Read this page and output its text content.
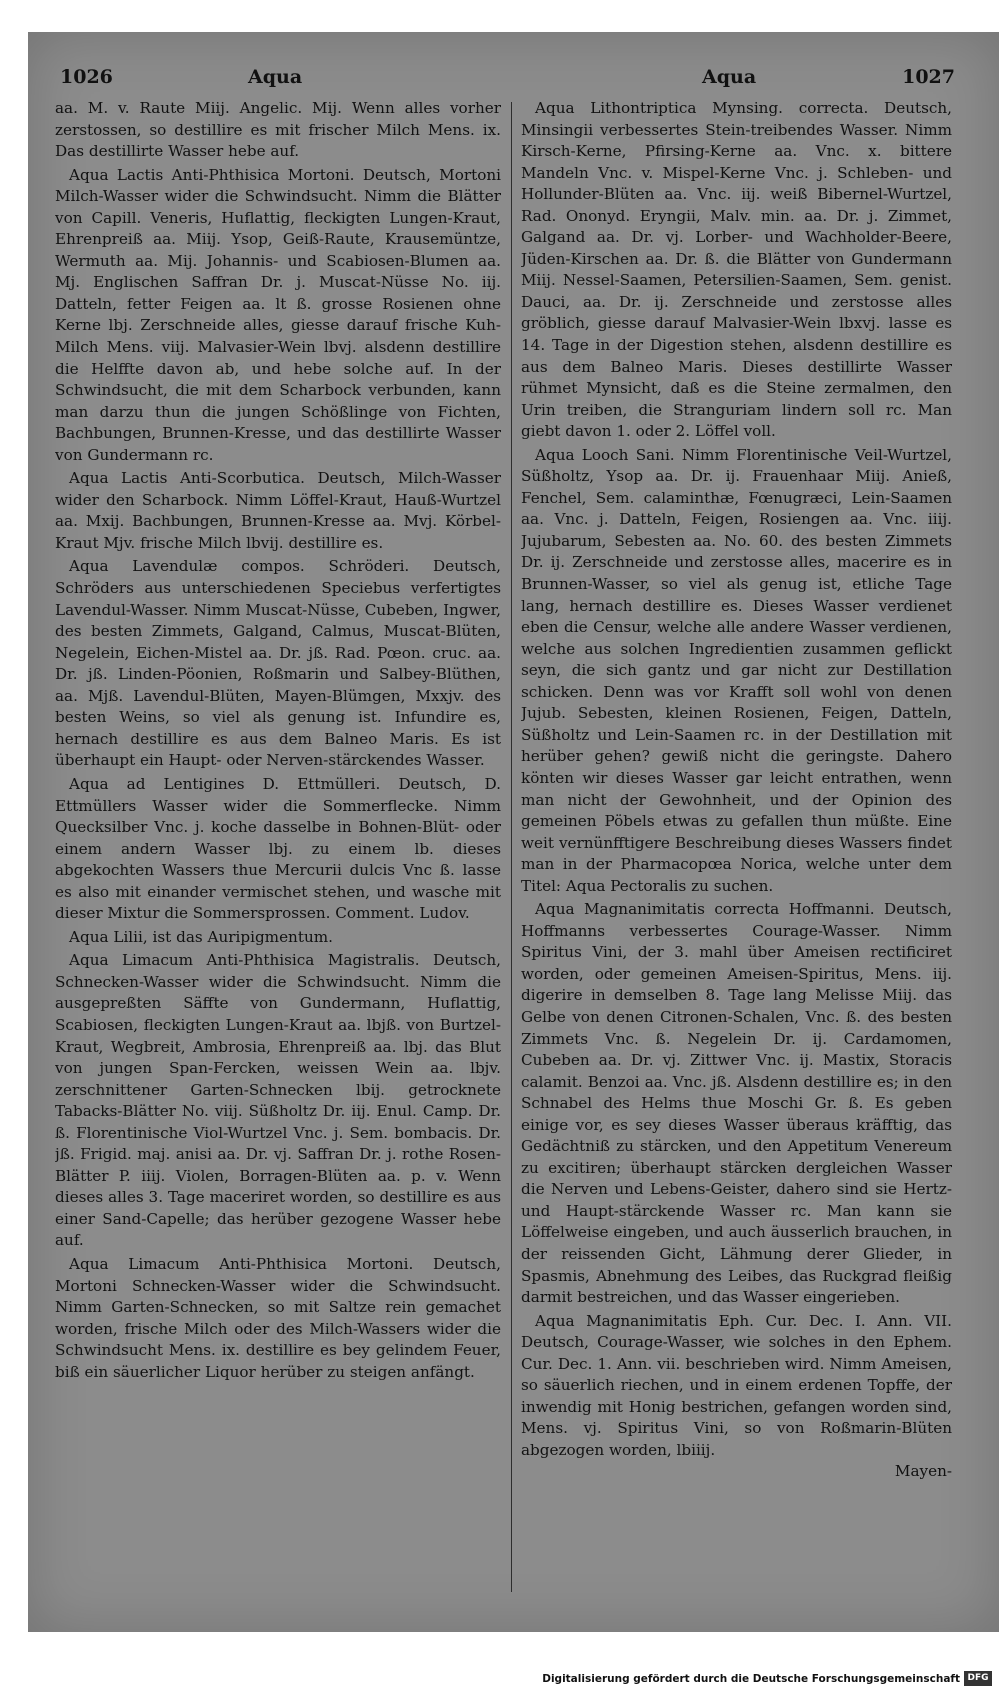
1026	Aqua	Aqua	1027

aa. M. v. Raute Miij. Angelic. Mij. Wenn alles vorher zerstossen, so destillire es mit frischer Milch Mens. ix. Das destillirte Wasser hebe auf.

Aqua Lactis Anti-Phthisica Mortoni. Deutsch, Mortoni Milch-Wasser wider die Schwindsucht. Nimm die Blätter von Capill. Veneris, Huflattig, fleckigten Lungen-Kraut, Ehrenpreiß aa. Miij. Ysop, Geiß-Raute, Krausemüntze, Wermuth aa. Mij. Johannis- und Scabiosen-Blumen aa. Mj. Englischen Saffran Dr. j. Muscat-Nüsse No. iij. Datteln, fetter Feigen aa. lt ß. grosse Rosienen ohne Kerne lbj. Zerschneide alles, giesse darauf frische Kuh-Milch Mens. viij. Malvasier-Wein lbvj. alsdenn destillire die Helffte davon ab, und hebe solche auf. In der Schwindsucht, die mit dem Scharbock verbunden, kann man darzu thun die jungen Schößlinge von Fichten, Bachbungen, Brunnen-Kresse, und das destillirte Wasser von Gundermann rc.

Aqua Lactis Anti-Scorbutica. Deutsch, Milch-Wasser wider den Scharbock. Nimm Löffel-Kraut, Hauß-Wurtzel aa. Mxij. Bachbungen, Brunnen-Kresse aa. Mvj. Körbel-Kraut Mjv. frische Milch lbvij. destillire es.

Aqua Lavendulæ compos. Schröderi. Deutsch, Schröders aus unterschiedenen Speciebus verfertigtes Lavendul-Wasser. Nimm Muscat-Nüsse, Cubeben, Ingwer, des besten Zimmets, Galgand, Calmus, Muscat-Blüten, Negelein, Eichen-Mistel aa. Dr. jß. Rad. Pœon. cruc. aa. Dr. jß. Linden-Pöonien, Roßmarin und Salbey-Blüthen, aa. Mjß. Lavendul-Blüten, Mayen-Blümgen, Mxxjv. des besten Weins, so viel als genung ist. Infundire es, hernach destillire es aus dem Balneo Maris. Es ist überhaupt ein Haupt- oder Nerven-stärckendes Wasser.

Aqua ad Lentigines D. Ettmülleri. Deutsch, D. Ettmüllers Wasser wider die Sommerflecke. Nimm Quecksilber Vnc. j. koche dasselbe in Bohnen-Blüt- oder einem andern Wasser lbj. zu einem lb. dieses abgekochten Wassers thue Mercurii dulcis Vnc ß. lasse es also mit einander vermischet stehen, und wasche mit dieser Mixtur die Sommersprossen. Comment. Ludov.

Aqua Lilii, ist das Auripigmentum.

Aqua Limacum Anti-Phthisica Magistralis. Deutsch, Schnecken-Wasser wider die Schwindsucht. Nimm die ausgepreßten Säffte von Gundermann, Huflattig, Scabiosen, fleckigten Lungen-Kraut aa. lbjß. von Burtzel-Kraut, Wegbreit, Ambrosia, Ehrenpreiß aa. lbj. das Blut von jungen Span-Fercken, weissen Wein aa. lbjv. zerschnittener Garten-Schnecken lbij. getrocknete Tabacks-Blätter No. viij. Süßholtz Dr. iij. Enul. Camp. Dr. ß. Florentinische Viol-Wurtzel Vnc. j. Sem. bombacis. Dr. jß. Frigid. maj. anisi aa. Dr. vj. Saffran Dr. j. rothe Rosen-Blätter P. iiij. Violen, Borragen-Blüten aa. p. v. Wenn dieses alles 3. Tage maceriret worden, so destillire es aus einer Sand-Capelle; das herüber gezogene Wasser hebe auf.

Aqua Limacum Anti-Phthisica Mortoni. Deutsch, Mortoni Schnecken-Wasser wider die Schwindsucht. Nimm Garten-Schnecken, so mit Saltze rein gemachet worden, frische Milch oder des Milch-Wassers wider die Schwindsucht Mens. ix. destillire es bey gelindem Feuer, biß ein säuerlicher Liquor herüber zu steigen anfängt.

Aqua Lithontriptica Mynsing. correcta. Deutsch, Minsingii verbessertes Stein-treibendes Wasser. Nimm Kirsch-Kerne, Pfirsing-Kerne aa. Vnc. x. bittere Mandeln Vnc. v. Mispel-Kerne Vnc. j. Schleben- und Hollunder-Blüten aa. Vnc. iij. weiß Bibernel-Wurtzel, Rad. Ononyd. Eryngii, Malv. min. aa. Dr. j. Zimmet, Galgand aa. Dr. vj. Lorber- und Wachholder-Beere, Jüden-Kirschen aa. Dr. ß. die Blätter von Gundermann Miij. Nessel-Saamen, Petersilien-Saamen, Sem. genist. Dauci, aa. Dr. ij. Zerschneide und zerstosse alles gröblich, giesse darauf Malvasier-Wein lbxvj. lasse es 14. Tage in der Digestion stehen, alsdenn destillire es aus dem Balneo Maris. Dieses destillirte Wasser rühmet Mynsicht, daß es die Steine zermalmen, den Urin treiben, die Stranguriam lindern soll rc. Man giebt davon 1. oder 2. Löffel voll.

Aqua Looch Sani. Nimm Florentinische Veil-Wurtzel, Süßholtz, Ysop aa. Dr. ij. Frauenhaar Miij. Anieß, Fenchel, Sem. calaminthæ, Fœnugræci, Lein-Saamen aa. Vnc. j. Datteln, Feigen, Rosiengen aa. Vnc. iiij. Jujubarum, Sebesten aa. No. 60. des besten Zimmets Dr. ij. Zerschneide und zerstosse alles, macerire es in Brunnen-Wasser, so viel als genug ist, etliche Tage lang, hernach destillire es. Dieses Wasser verdienet eben die Censur, welche alle andere Wasser verdienen, welche aus solchen Ingredientien zusammen geflickt seyn, die sich gantz und gar nicht zur Destillation schicken. Denn was vor Krafft soll wohl von denen Jujub. Sebesten, kleinen Rosienen, Feigen, Datteln, Süßholtz und Lein-Saamen rc. in der Destillation mit herüber gehen? gewiß nicht die geringste. Dahero könten wir dieses Wasser gar leicht entrathen, wenn man nicht der Gewohnheit, und der Opinion des gemeinen Pöbels etwas zu gefallen thun müßte. Eine weit vernünfftigere Beschreibung dieses Wassers findet man in der Pharmacopœa Norica, welche unter dem Titel: Aqua Pectoralis zu suchen.

Aqua Magnanimitatis correcta Hoffmanni. Deutsch, Hoffmanns verbessertes Courage-Wasser. Nimm Spiritus Vini, der 3. mahl über Ameisen rectificiret worden, oder gemeinen Ameisen-Spiritus, Mens. iij. digerire in demselben 8. Tage lang Melisse Miij. das Gelbe von denen Citronen-Schalen, Vnc. ß. des besten Zimmets Vnc. ß. Negelein Dr. ij. Cardamomen, Cubeben aa. Dr. vj. Zittwer Vnc. ij. Mastix, Storacis calamit. Benzoi aa. Vnc. jß. Alsdenn destillire es; in den Schnabel des Helms thue Moschi Gr. ß. Es geben einige vor, es sey dieses Wasser überaus kräfftig, das Gedächtniß zu stärcken, und den Appetitum Venereum zu excitiren; überhaupt stärcken dergleichen Wasser die Nerven und Lebens-Geister, dahero sind sie Hertz- und Haupt-stärckende Wasser rc. Man kann sie Löffelweise eingeben, und auch äusserlich brauchen, in der reissenden Gicht, Lähmung derer Glieder, in Spasmis, Abnehmung des Leibes, das Ruckgrad fleißig darmit bestreichen, und das Wasser eingerieben.

Aqua Magnanimitatis Eph. Cur. Dec. I. Ann. VII. Deutsch, Courage-Wasser, wie solches in den Ephem. Cur. Dec. 1. Ann. vii. beschrieben wird. Nimm Ameisen, so säuerlich riechen, und in einem erdenen Topffe, der inwendig mit Honig bestrichen, gefangen worden sind, Mens. vj. Spiritus Vini, so von Roßmarin-Blüten abgezogen worden, lbiiij.

Mayen-
Digitalisierung gefördert durch die Deutsche Forschungsgemeinschaft DFG
